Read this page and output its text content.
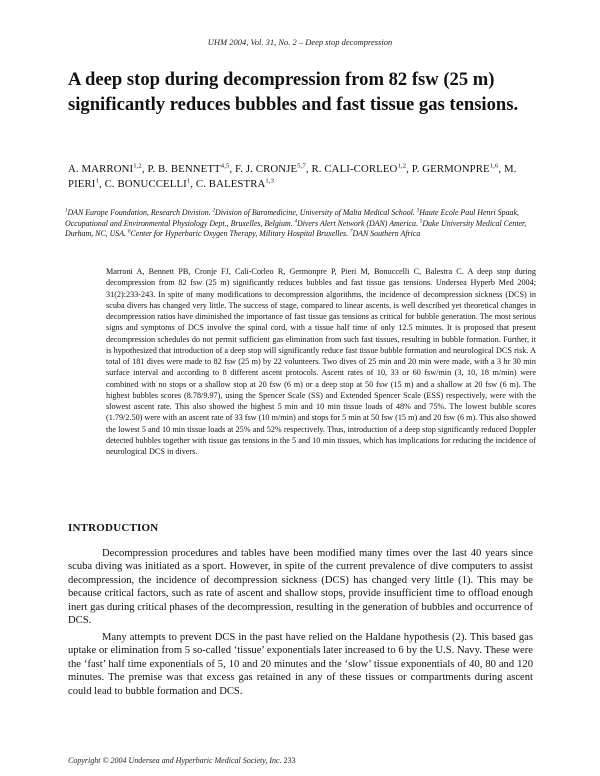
UHM 2004, Vol. 31, No. 2 – Deep stop decompression
A deep stop during decompression from 82 fsw (25 m) significantly reduces bubbles and fast tissue gas tensions.
A. MARRONI$^{1,2}$, P. B. BENNETT$^{4,5}$, F. J. CRONJE$^{5,7}$, R. CALI-CORLEO$^{1,2}$, P. GERMONPRE$^{1,6}$, M. PIERI$^1$, C. BONUCCELLI$^1$, C. BALESTRA$^{1,3}$
$^1$DAN Europe Foundation, Research Division. $^2$Division of Baromedicine, University of Malta Medical School. $^3$Haute Ecole Paul Henri Spaak, Occupational and Environmental Physiology Dept., Bruxelles, Belgium. $^4$Divers Alert Network (DAN) America. $^5$Duke University Medical Center, Durham, NC, USA. $^6$Center for Hyperbaric Oxygen Therapy, Military Hospital Bruxelles. $^7$DAN Southern Africa
Marroni A, Bennett PB, Cronje FJ, Cali-Corleo R, Germonpre P, Pieri M, Bonuccelli C, Balestra C. A deep stop during decompression from 82 fsw (25 m) significantly reduces bubbles and fast tissue gas tensions. Undersea Hyperb Med 2004; 31(2):233-243. In spite of many modifications to decompression algorithms, the incidence of decompression sickness (DCS) in scuba divers has changed very little. The success of stage, compared to linear ascents, is well described yet theoretical changes in decompression ratios have diminished the importance of fast tissue gas tensions as critical for bubble generation. The most serious signs and symptoms of DCS involve the spinal cord, with a tissue half time of only 12.5 minutes. It is proposed that present decompression schedules do not permit sufficient gas elimination from such fast tissues, resulting in bubble formation. Further, it is hypothesized that introduction of a deep stop will significantly reduce fast tissue bubble formation and neurological DCS risk. A total of 181 dives were made to 82 fsw (25 m) by 22 volunteers. Two dives of 25 min and 20 min were made, with a 3 hr 30 min surface interval and according to 8 different ascent protocols. Ascent rates of 10, 33 or 60 fsw/min (3, 10, 18 m/min) were combined with no stops or a shallow stop at 20 fsw (6 m) or a deep stop at 50 fsw (15 m) and a shallow at 20 fsw (6 m). The highest bubbles scores (8.78/9.97), using the Spencer Scale (SS) and Extended Spencer Scale (ESS) respectively, were with the slowest ascent rate. This also showed the highest 5 min and 10 min tissue loads of 48% and 75%. The lowest bubble scores (1.79/2.50) were with an ascent rate of 33 fsw (10 m/min) and stops for 5 min at 50 fsw (15 m) and 20 fsw (6 m). This also showed the lowest 5 and 10 min tissue loads at 25% and 52% respectively. Thus, introduction of a deep stop significantly reduced Doppler detected bubbles together with tissue gas tensions in the 5 and 10 min tissues, which has implications for reducing the incidence of neurological DCS in divers.
INTRODUCTION

Decompression procedures and tables have been modified many times over the last 40 years since scuba diving was initiated as a sport. However, in spite of the current prevalence of dive computers to assist decompression, the incidence of decompression sickness (DCS) has changed very little (1). This may be because critical factors, such as rate of ascent and shallow stops, provide insufficient time to offload enough inert gas during critical phases of the decompression, resulting in the generation of bubbles and occurrence of DCS.

Many attempts to prevent DCS in the past have relied on the Haldane hypothesis (2). This based gas uptake or elimination from 5 so-called ‘tissue’ exponentials later increased to 6 by the U.S. Navy. These were the ‘fast’ half time exponentials of 5, 10 and 20 minutes and the ‘slow’ tissue exponentials of 40, 80 and 120 minutes. The premise was that excess gas retained in any of these tissues or compartments during ascent could lead to bubble formation and DCS.

Copyright © 2004 Undersea and Hyperbaric Medical Society, Inc. 233
